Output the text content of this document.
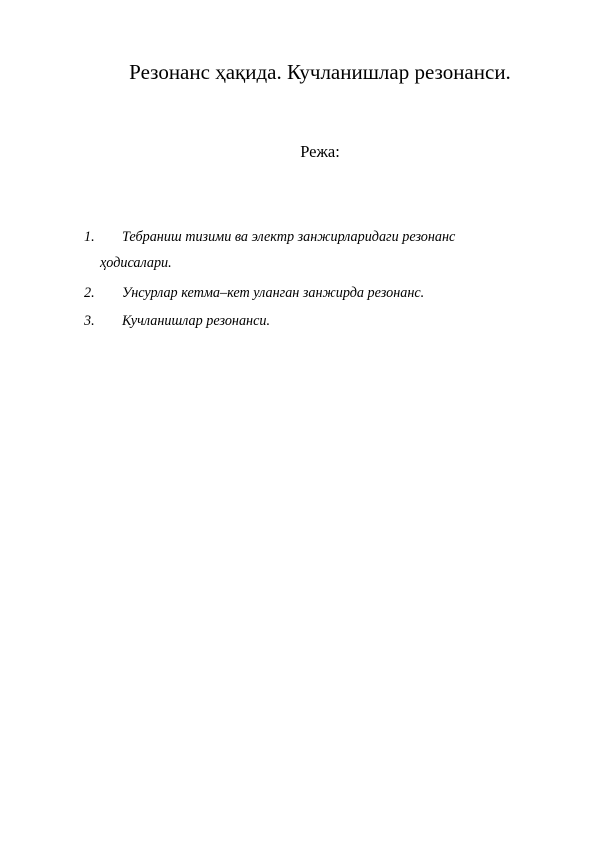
Резонанс ҳақида. Кучланишлар резонанси.
Режа:
1. Тебраниш тизими ва электр занжирларидаги резонанс
ҳодисалари.
2. Унсурлар кетма–кет уланган занжирда резонанс.
3. Кучланишлар резонанси.
